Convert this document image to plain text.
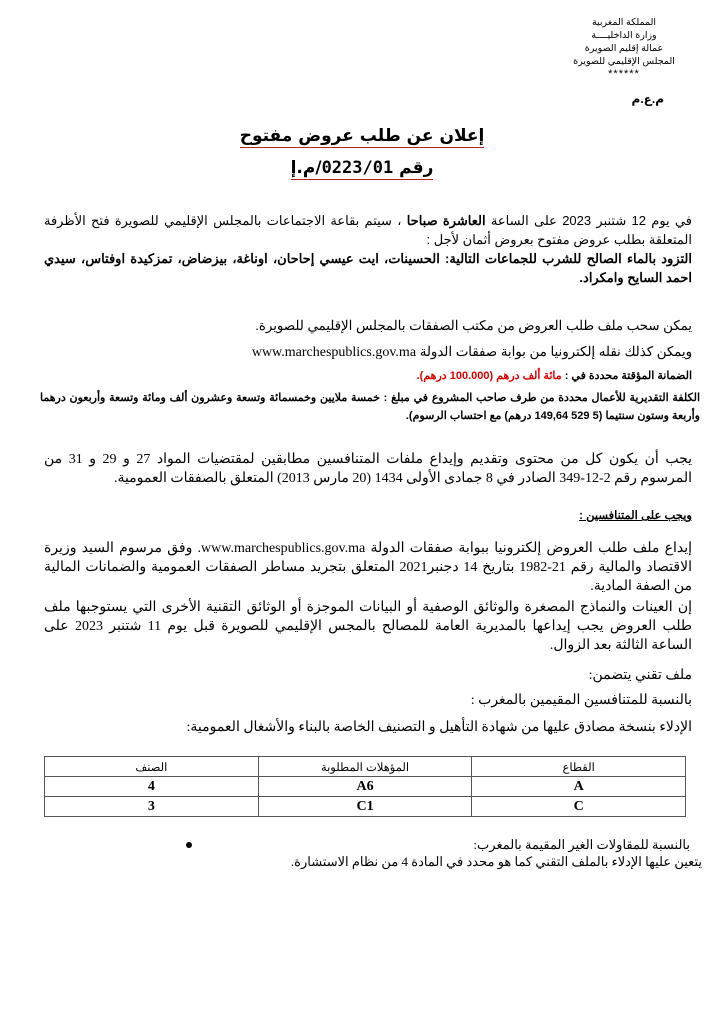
المملكة المغربية
وزارة الداخليــــة
عمالة إقليم الصويرة
المجلس الإقليمي للصويرة
******
م.ع.م
إعلان عن طلب عروض مفتوح
رقم 0223/01/م.إ
في يوم 12 شتنبر 2023 على الساعة العاشرة صباحا ، سيتم بقاعة الاجتماعات بالمجلس الإقليمي للصويرة فتح الأظرفة المتعلقة بطلب عروض مفتوح بعروض أثمان لأجل :
التزود بالماء الصالح للشرب للجماعات التالية: الحسينات، ايت عيسي إحاحان، اوناغة، بيزضاض، تمزكيدة اوفتاس، سيدي احمد السايح وامكراد.
يمكن سحب ملف طلب العروض من مكتب الصفقات بالمجلس الإقليمي للصويرة.
ويمكن كذلك نقله إلكترونيا من بوابة صفقات الدولة www.marchespublics.gov.ma
الضمانة المؤقتة محددة في : مائة ألف درهم (100.000 درهم).
الكلفة التقديرية للأعمال محددة من طرف صاحب المشروع في مبلغ : خمسة ملايين وخمسمائة وتسعة وعشرون ألف ومائة وتسعة وأربعون درهما وأربعة وستون سنتيما (5 529 149,64 درهم) مع احتساب الرسوم).
يجب أن يكون كل من محتوى وتقديم وإيداع ملفات المتنافسين مطابقين لمقتضيات المواد 27 و 29 و 31 من المرسوم رقم 2-12-349 الصادر في 8 جمادى الأولى 1434 (20 مارس 2013) المتعلق بالصفقات العمومية.
ويجب على المتنافسين :
إيداع ملف طلب العروض إلكترونيا ببوابة صفقات الدولة www.marchespublics.gov.ma. وفق مرسوم السيد وزيرة الاقتصاد والمالية رقم 21-1982 بتاريخ 14 دجنبر2021 المتعلق بتجريد مساطر الصفقات العمومية والضمانات المالية من الصفة المادية.
إن العينات والنماذج المصغرة والوثائق الوصفية أو البيانات الموجزة أو الوثائق التقنية الأخرى التي يستوجبها ملف طلب العروض يجب إيداعها بالمديرية العامة للمصالح بالمجس الإقليمي للصويرة قبل يوم 11 شتنبر 2023 على الساعة الثالثة بعد الزوال.
ملف تقني يتضمن:
بالنسبة للمتنافسين المقيمين بالمغرب :
الإدلاء بنسخة مصادق عليها من شهادة التأهيل و التصنيف الخاصة بالبناء والأشغال العمومية:
القطاع	المؤهلات المطلوبة	الصنف
A	A6	4
C	C1	3
بالنسبة للمقاولات الغير المقيمة بالمغرب:
يتعين عليها الإدلاء بالملف التقني كما هو محدد في المادة 4 من نظام الاستشارة.
